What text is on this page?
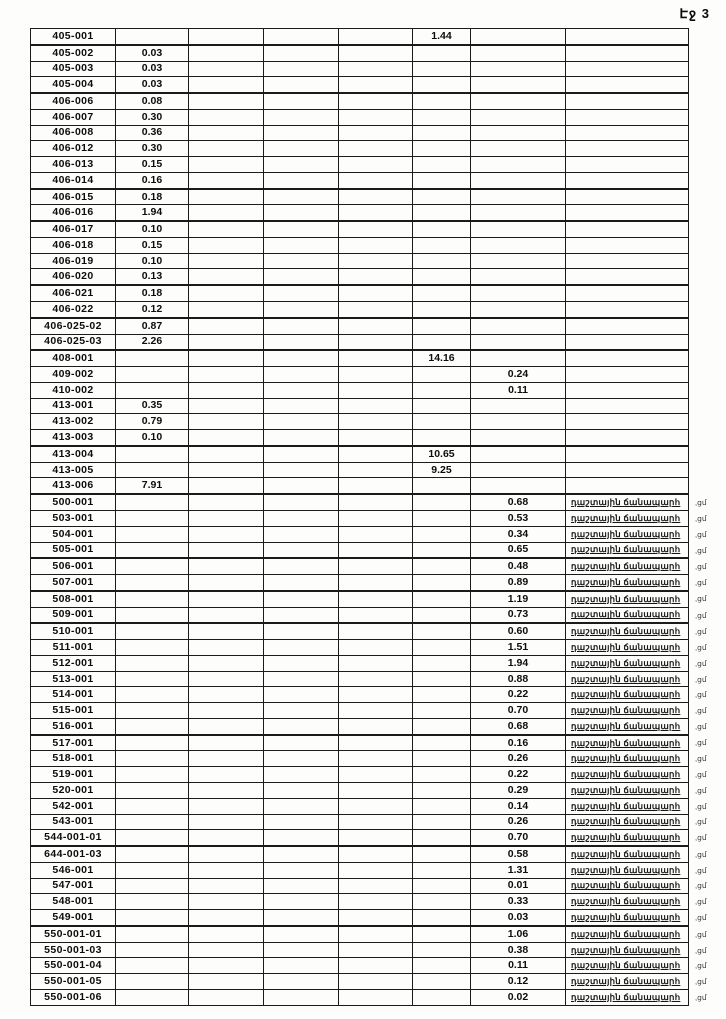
Էջ 3
405-001					1.44			
405-002	0.03							
405-003	0.03							
405-004	0.03							
406-006	0.08							
406-007	0.30							
406-008	0.36							
406-012	0.30							
406-013	0.15							
406-014	0.16							
406-015	0.18							
406-016	1.94							
406-017	0.10							
406-018	0.15							
406-019	0.10							
406-020	0.13							
406-021	0.18							
406-022	0.12							
406-025-02	0.87							
406-025-03	2.26							
408-001					14.16			
409-002						0.24		
410-002						0.11		
413-001	0.35							
413-002	0.79							
413-003	0.10							
413-004					10.65			
413-005					9.25			
413-006	7.91							
500-001						0.68	դաշտային ճանապարհ	,ցմ
503-001						0.53	դաշտային ճանապարհ	,ցմ
504-001						0.34	դաշտային ճանապարհ	,ցմ
505-001						0.65	դաշտային ճանապարհ	,ցմ
506-001						0.48	դաշտային ճանապարհ	,ցմ
507-001						0.89	դաշտային ճանապարհ	,ցմ
508-001						1.19	դաշտային ճանապարհ	,ցմ
509-001						0.73	դաշտային ճանապարհ	,ցմ
510-001						0.60	դաշտային ճանապարհ	,ցմ
511-001						1.51	դաշտային ճանապարհ	,ցմ
512-001						1.94	դաշտային ճանապարհ	,ցմ
513-001						0.88	դաշտային ճանապարհ	,ցմ
514-001						0.22	դաշտային ճանապարհ	,ցմ
515-001						0.70	դաշտային ճանապարհ	,ցմ
516-001						0.68	դաշտային ճանապարհ	,ցմ
517-001						0.16	դաշտային ճանապարհ	,ցմ
518-001						0.26	դաշտային ճանապարհ	,ցմ
519-001						0.22	դաշտային ճանապարհ	,ցմ
520-001						0.29	դաշտային ճանապարհ	,ցմ
542-001						0.14	դաշտային ճանապարհ	,ցմ
543-001						0.26	դաշտային ճանապարհ	,ցմ
544-001-01						0.70	դաշտային ճանապարհ	,ցմ
644-001-03						0.58	դաշտային ճանապարհ	,ցմ
546-001						1.31	դաշտային ճանապարհ	,ցմ
547-001						0.01	դաշտային ճանապարհ	,ցմ
548-001						0.33	դաշտային ճանապարհ	,ցմ
549-001						0.03	դաշտային ճանապարհ	,ցմ
550-001-01						1.06	դաշտային ճանապարհ	,ցմ
550-001-03						0.38	դաշտային ճանապարհ	,ցմ
550-001-04						0.11	դաշտային ճանապարհ	,ցմ
550-001-05						0.12	դաշտային ճանապարհ	,ցմ
550-001-06						0.02	դաշտային ճանապարհ	,ցմ
